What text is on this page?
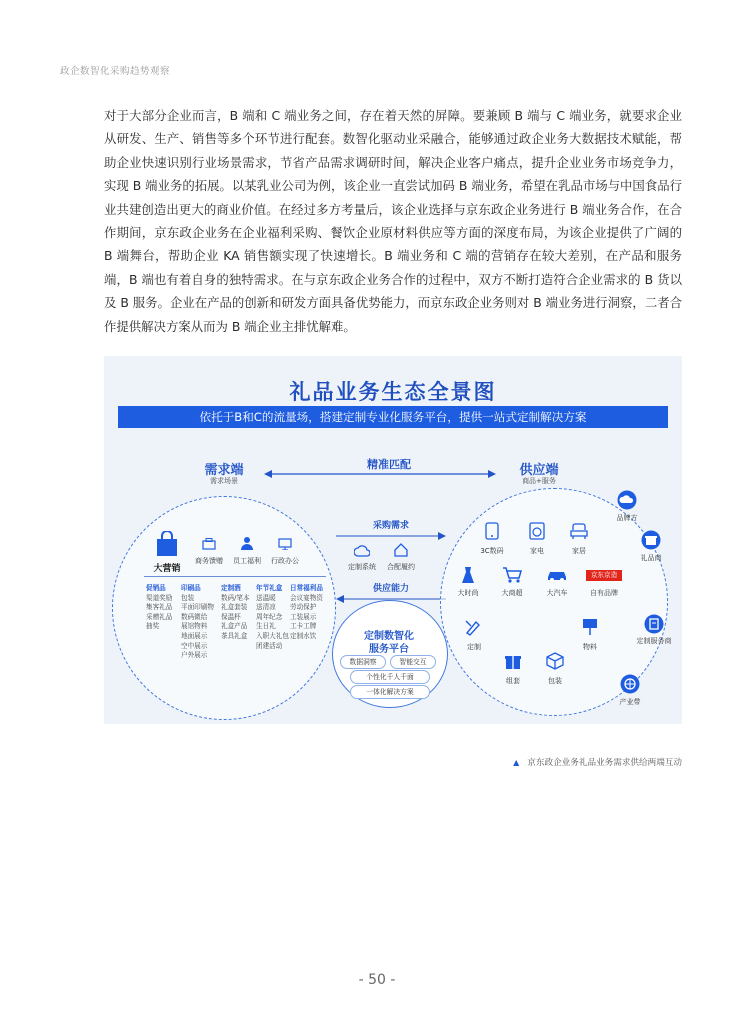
政企数智化采购趋势观察
对于大部分企业而言，B 端和 C 端业务之间，存在着天然的屏障。要兼顾 B 端与 C 端业务，就要求企业从研发、生产、销售等多个环节进行配套。数智化驱动业采融合，能够通过政企业务大数据技术赋能，帮助企业快速识别行业场景需求，节省产品需求调研时间，解决企业客户痛点，提升企业业务市场竞争力，实现 B 端业务的拓展。以某乳业公司为例，该企业一直尝试加码 B 端业务，希望在乳品市场与中国食品行业共建创造出更大的商业价值。在经过多方考量后，该企业选择与京东政企业务进行 B 端业务合作，在合作期间，京东政企业务在企业福利采购、餐饮企业原材料供应等方面的深度布局，为该企业提供了广阔的 B 端舞台，帮助企业 KA 销售额实现了快速增长。B 端业务和 C 端的营销存在较大差别，在产品和服务端，B 端也有着自身的独特需求。在与京东政企业务合作的过程中，双方不断打造符合企业需求的 B 货以及 B 服务。企业在产品的创新和研发方面具备优势能力，而京东政企业务则对 B 端业务进行洞察，二者合作提供解决方案从而为 B 端企业主排忧解难。
礼品业务生态全景图
依托于B和C的流量场，搭建定制专业化服务平台，提供一站式定制解决方案
需求端
需求场景
供应端
商品+服务
精准匹配
大营销
商务馈赠	员工福利	行政办公
促销品
渠道奖励
集客礼品
采赠礼品
抽奖
印刷品
包装
平面印刷物
数码微给
展馆物料
地面展示
空中展示
户外展示
定制酒
数码/笔本
礼盒套装
保温杯
礼盒产品
茶具礼盒
年节礼盒
送温暖
送清凉
周年纪念
生日礼
入职大礼包
团建活动
日常福利品
会议宴物资
劳动保护
工装展示
工卡工牌
定制水饮
采购需求
定制系统	合配履约
供应能力
定制数智化
服务平台
数据洞察	智能交互
个性化千人千面
一体化解决方案
3C数码	家电	家居
大时尚	大商超	大汽车
京东京造
自有品牌
定制	物料
组套	包装
品牌方
礼品商
定制服务商
产业带
▲ 京东政企业务礼品业务需求供给两端互动
- 50 -
